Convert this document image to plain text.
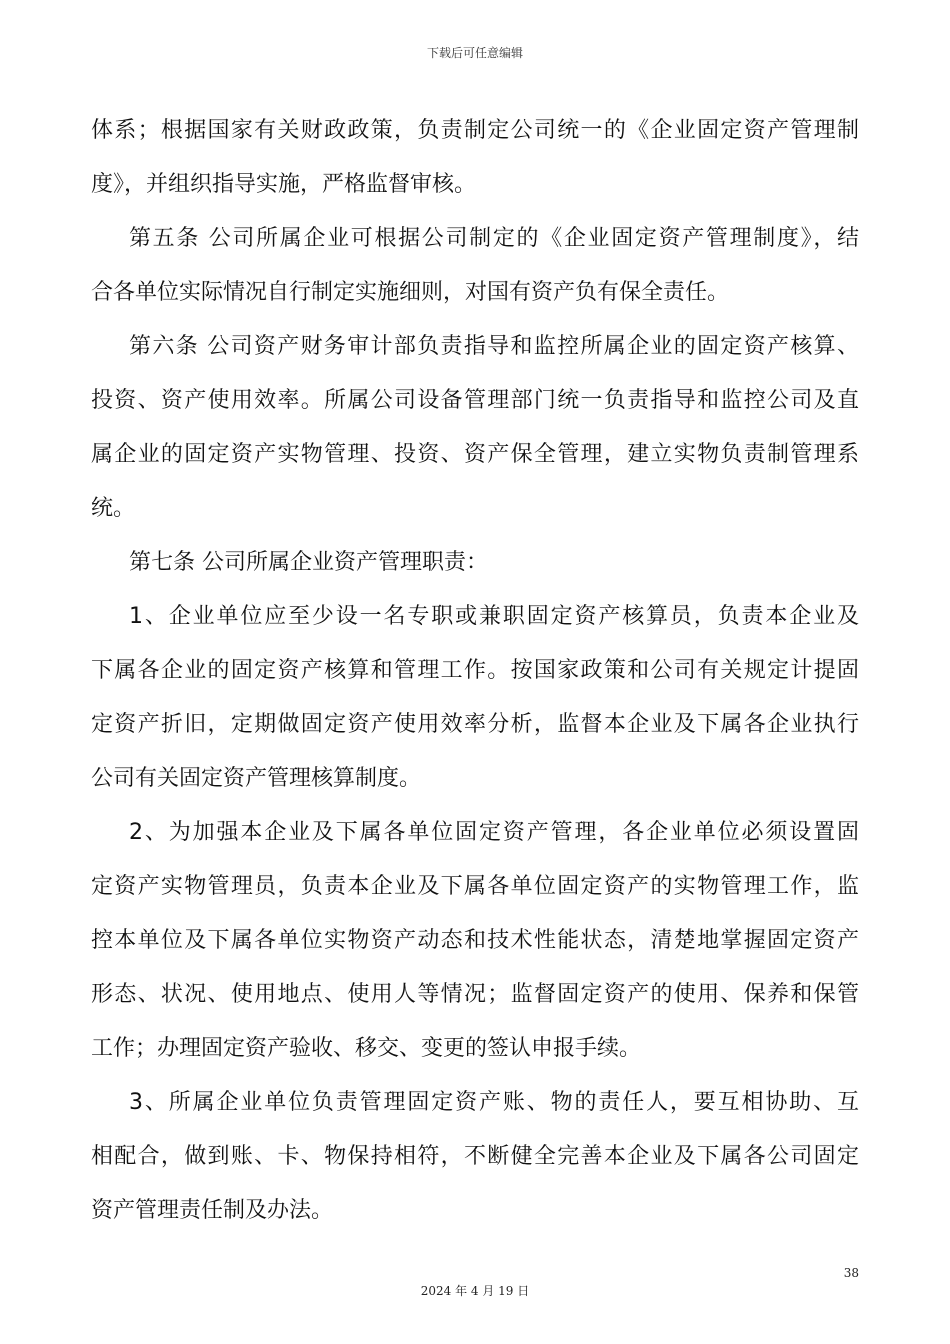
下载后可任意编辑
体系；根据国家有关财政政策，负责制定公司统一的《企业固定资产管理制
度》，并组织指导实施，严格监督审核。
第五条 公司所属企业可根据公司制定的《企业固定资产管理制度》，结
合各单位实际情况自行制定实施细则，对国有资产负有保全责任。
第六条 公司资产财务审计部负责指导和监控所属企业的固定资产核算、
投资、资产使用效率。所属公司设备管理部门统一负责指导和监控公司及直
属企业的固定资产实物管理、投资、资产保全管理，建立实物负责制管理系
统。
第七条 公司所属企业资产管理职责：
1、企业单位应至少设一名专职或兼职固定资产核算员，负责本企业及
下属各企业的固定资产核算和管理工作。按国家政策和公司有关规定计提固
定资产折旧，定期做固定资产使用效率分析，监督本企业及下属各企业执行
公司有关固定资产管理核算制度。
2、为加强本企业及下属各单位固定资产管理，各企业单位必须设置固
定资产实物管理员，负责本企业及下属各单位固定资产的实物管理工作，监
控本单位及下属各单位实物资产动态和技术性能状态，清楚地掌握固定资产
形态、状况、使用地点、使用人等情况；监督固定资产的使用、保养和保管
工作；办理固定资产验收、移交、变更的签认申报手续。
3、所属企业单位负责管理固定资产账、物的责任人，要互相协助、互
相配合，做到账、卡、物保持相符，不断健全完善本企业及下属各公司固定
资产管理责任制及办法。
38
2024 年 4 月 19 日
